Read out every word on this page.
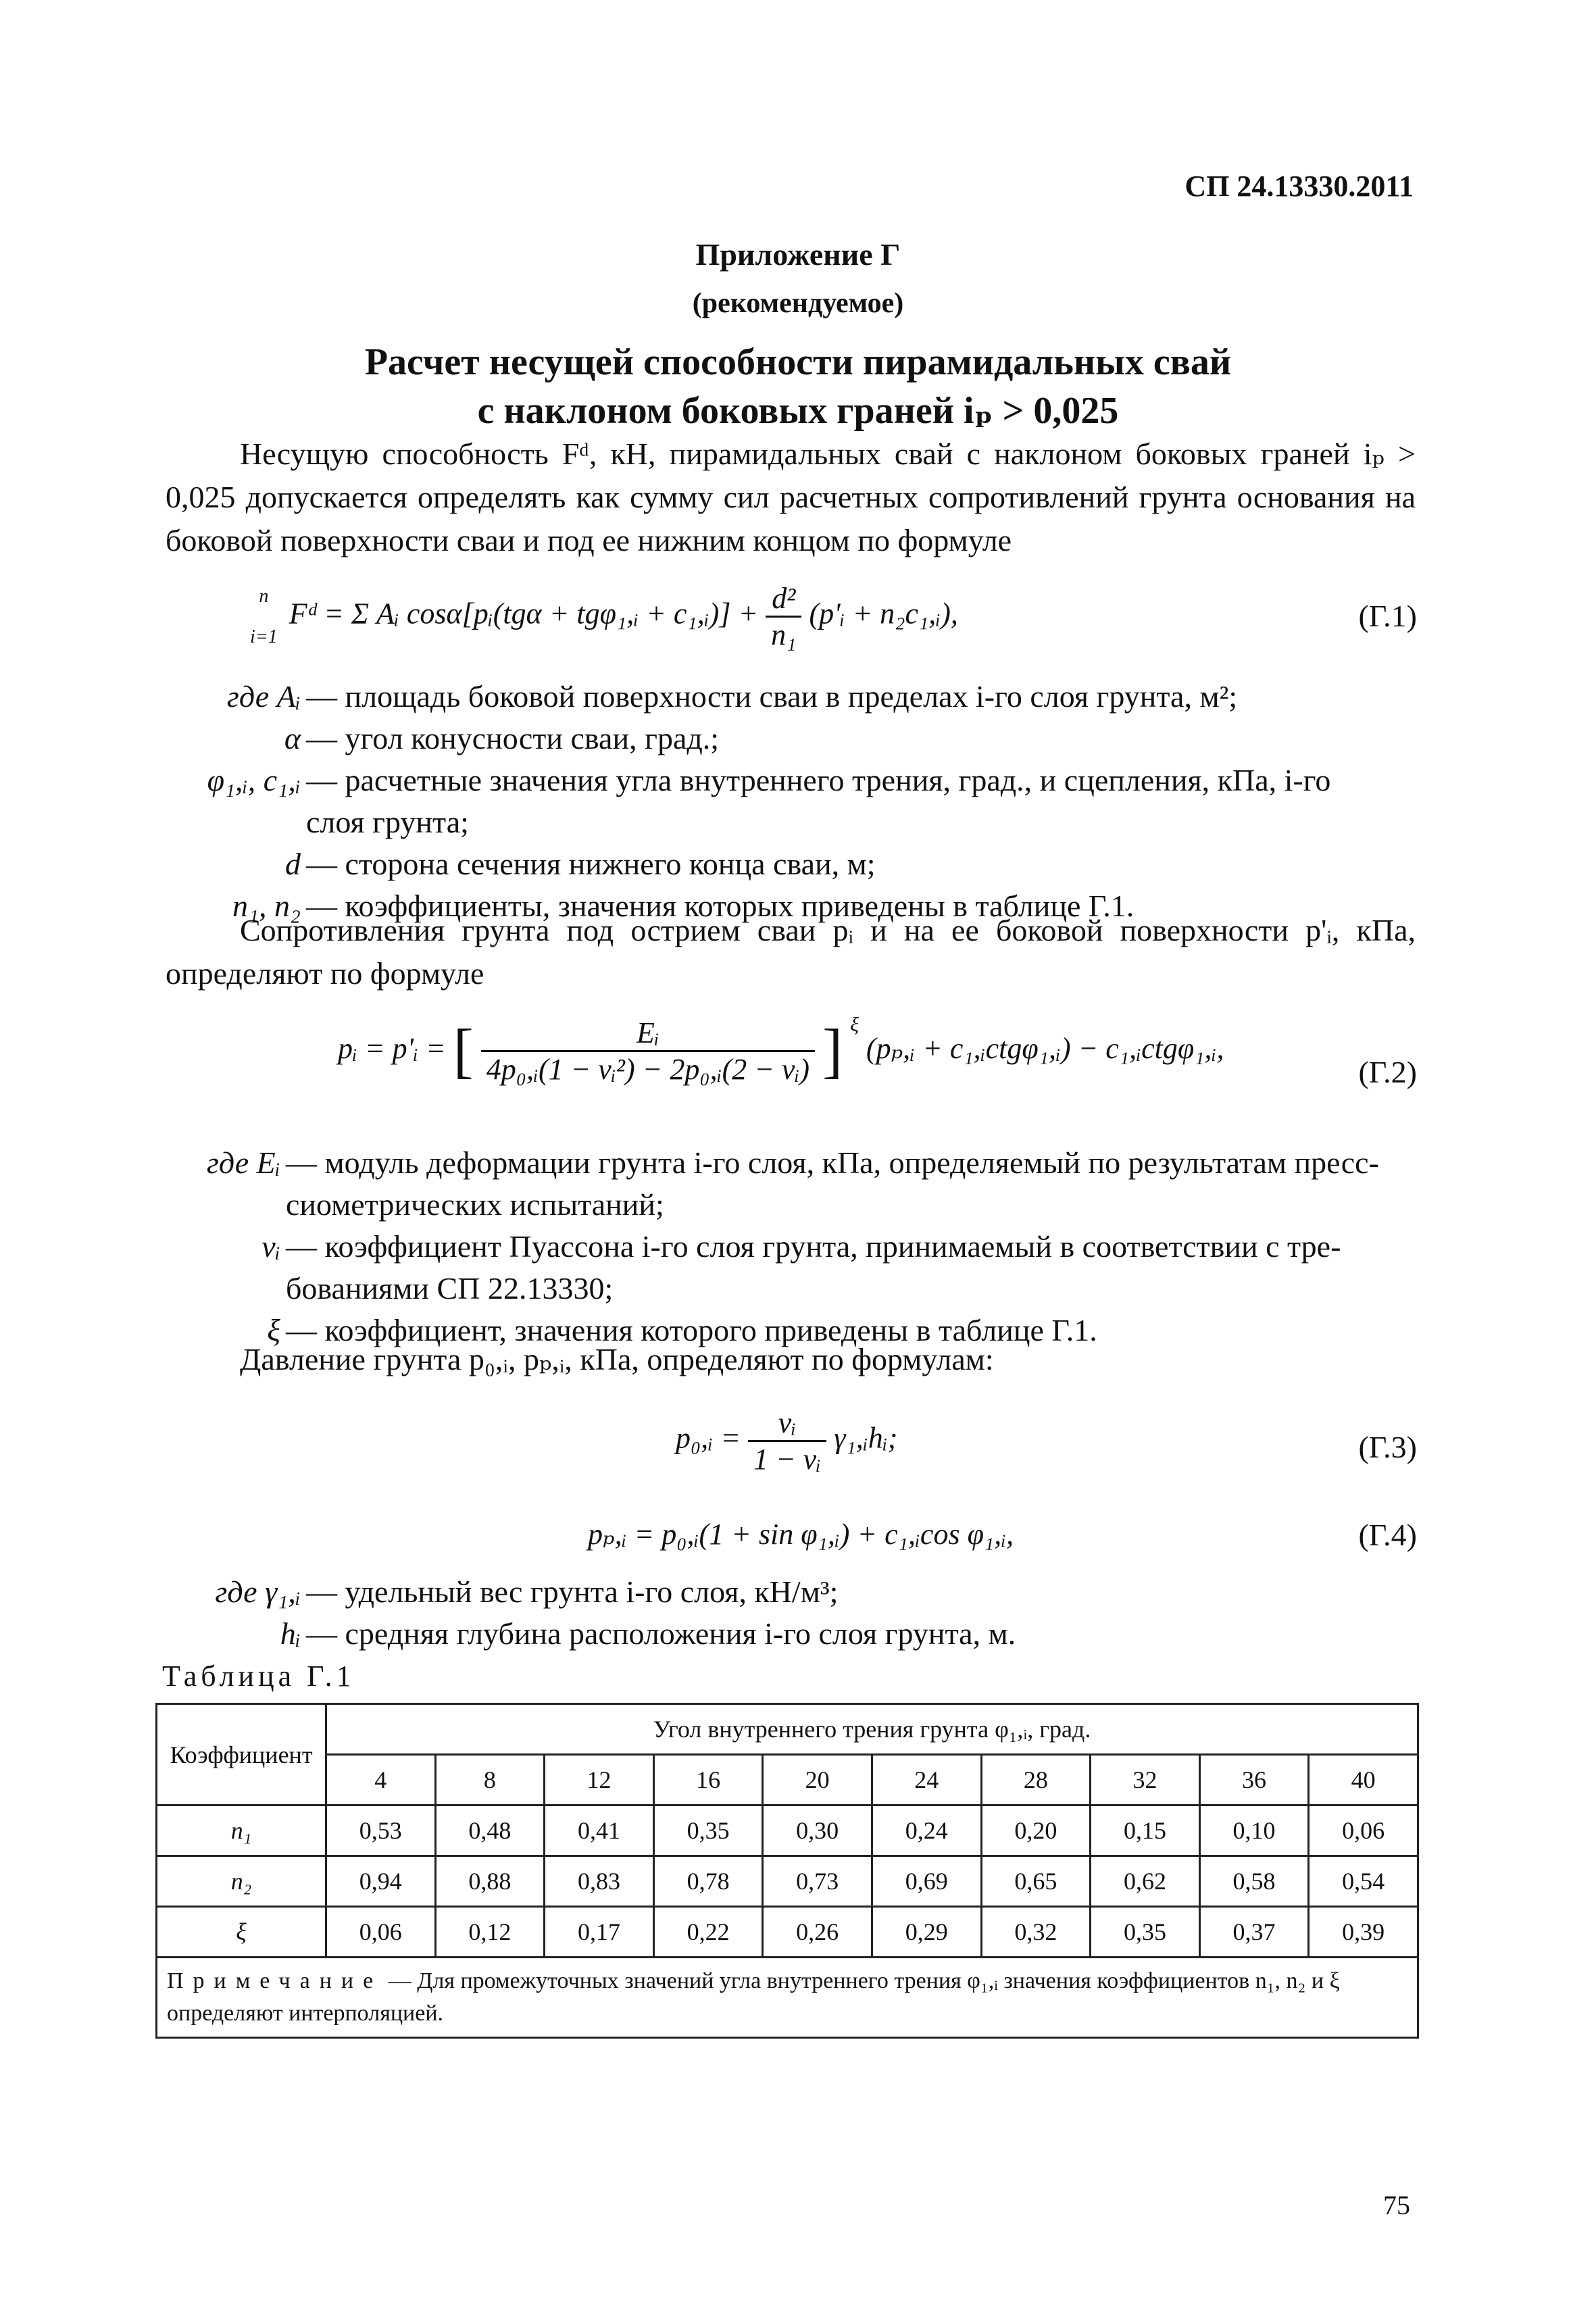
СП 24.13330.2011
Приложение Г
(рекомендуемое)
Расчет несущей способности пирамидальных свай
с наклоном боковых граней iₚ > 0,025
Несущую способность Fᵈ, кН, пирамидальных свай с наклоном боковых граней iₚ > 0,025 допускается определять как сумму сил расчетных сопротивлений грунта основания на боковой поверхности сваи и под ее нижним концом по формуле
n

i=1
Fᵈ = Σ Aᵢ cosα[pᵢ(tgα + tgφ₁,ᵢ + c₁,ᵢ)] + $\frac{\text{d²}}{\text{n₁}}$ (p'ᵢ + n₂c₁,ᵢ),	(Г.1)
где Aᵢ — площадь боковой поверхности сваи в пределах i-го слоя грунта, м²;
α — угол конусности сваи, град.;
φ₁,ᵢ, c₁,ᵢ — расчетные значения угла внутреннего трения, град., и сцепления, кПа, i-го
слоя грунта;
d — сторона сечения нижнего конца сваи, м;
n₁, n₂ — коэффициенты, значения которых приведены в таблице Г.1.
Сопротивления грунта под острием сваи pᵢ и на ее боковой поверхности p'ᵢ, кПа, определяют по формуле
pᵢ = p'ᵢ = [ $\frac{\text{Eᵢ}}{\text{4p₀,ᵢ(1 − νᵢ²) − 2p₀,ᵢ(2 − νᵢ)}}$ ] $^\xi$ (pₚ,ᵢ + c₁,ᵢctgφ₁,ᵢ) − c₁,ᵢctgφ₁,ᵢ,
(Г.2)
где Eᵢ — модуль деформации грунта i-го слоя, кПа, определяемый по результатам пресс-
сиометрических испытаний;
νᵢ — коэффициент Пуассона i-го слоя грунта, принимаемый в соответствии с тре-
бованиями СП 22.13330;
ξ — коэффициент, значения которого приведены в таблице Г.1.
Давление грунта p₀,ᵢ, pₚ,ᵢ, кПа, определяют по формулам:
p₀,ᵢ = $\frac{\text{νᵢ}}{\text{1 − νᵢ}}$ γ₁,ᵢhᵢ;	(Г.3)
pₚ,ᵢ = p₀,ᵢ(1 + sin φ₁,ᵢ) + c₁,ᵢcos φ₁,ᵢ,	(Г.4)
где γ₁,ᵢ — удельный вес грунта i-го слоя, кН/м³;
hᵢ — средняя глубина расположения i-го слоя грунта, м.
Таблица Г.1
Коэффициент	Угол внутреннего трения грунта φ₁,ᵢ, град.									
	4	8	12	16	20	24	28	32	36	40
n₁	0,53	0,48	0,41	0,35	0,30	0,24	0,20	0,15	0,10	0,06
n₂	0,94	0,88	0,83	0,78	0,73	0,69	0,65	0,62	0,58	0,54
ξ	0,06	0,12	0,17	0,22	0,26	0,29	0,32	0,35	0,37	0,39
Примечание — Для промежуточных значений угла внутреннего трения φ₁,ᵢ значения коэффициентов n₁, n₂ и ξ определяют интерполяцией.										
75
